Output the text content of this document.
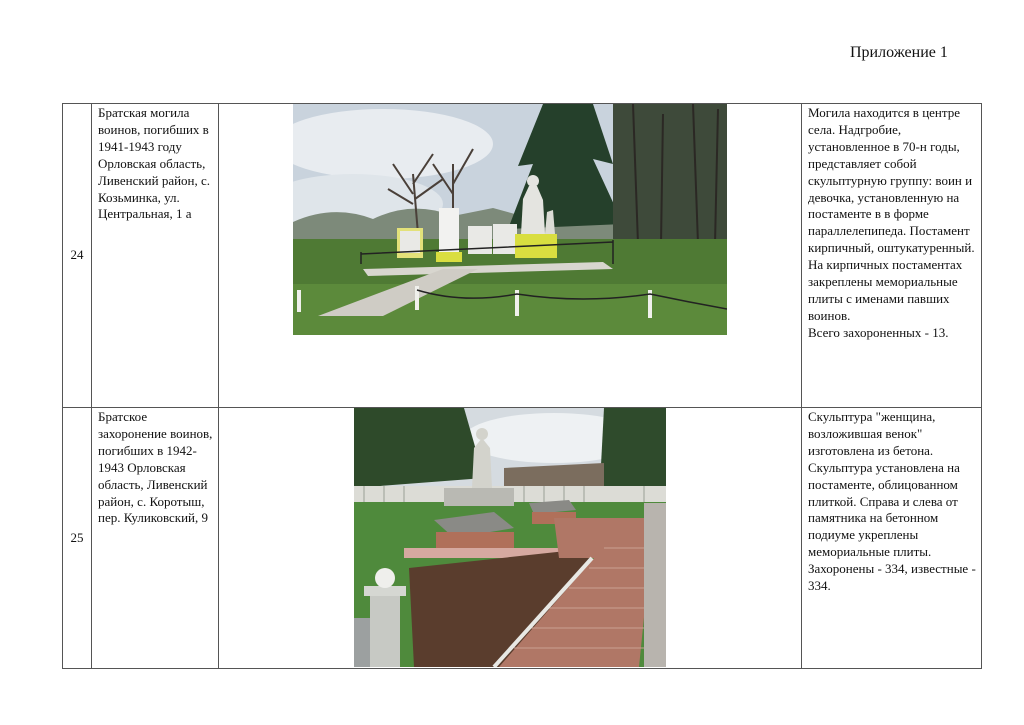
Приложение 1
24	Братская могила воинов, погибших в 1941-1943 году Орловская область, Ливенский район, с. Козьминка, ул. Центральная, 1 а		Могила находится в центре села. Надгробие, установленное в 70-н годы, представляет собой скульптурную группу: воин и девочка, установленную на постаменте в в форме параллелепипеда. Постамент кирпичный, оштукатуренный. На кирпичных постаментах закреплены мемориальные плиты с именами павших воинов.
Всего захороненных - 13.
25	Братское захоронение воинов, погибших в 1942-1943 Орловская область, Ливенский район, с. Коротыш, пер. Куликовский, 9		Скульптура "женщина, возложившая венок" изготовлена из бетона. Скульптура установлена на постаменте, облицованном плиткой. Справа и слева от памятника на бетонном подиуме укреплены мемориальные плиты. Захоронены - 334, известные - 334.
